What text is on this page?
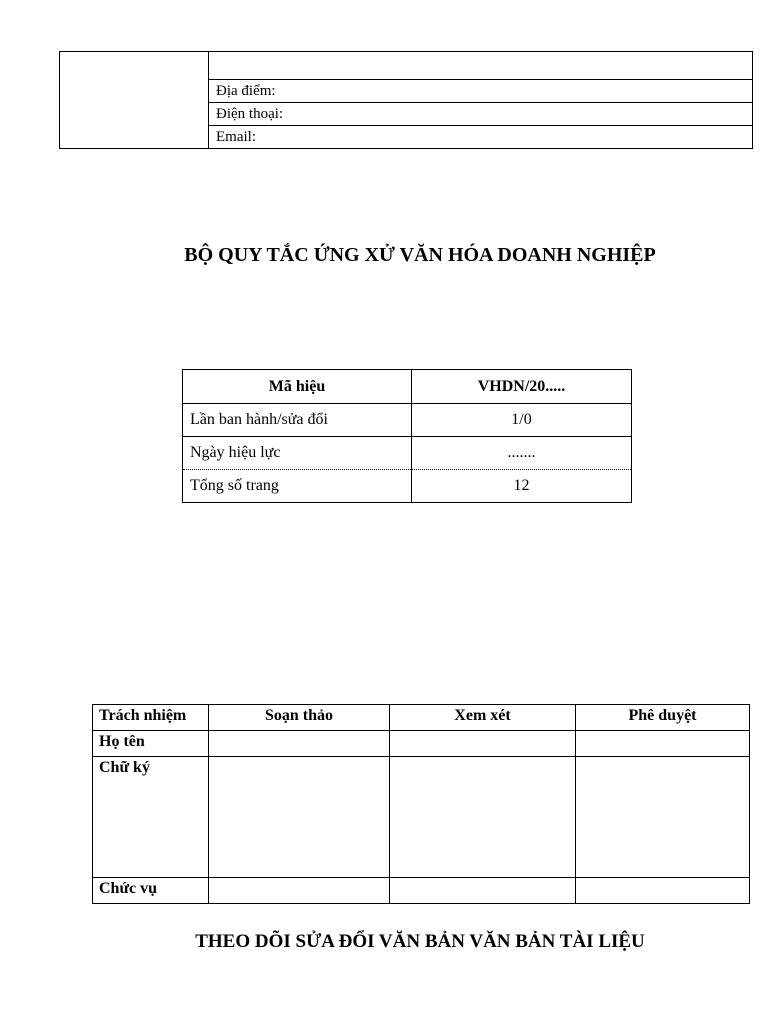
Địa điểm:
Điện thoại:
Email:
BỘ QUY TẮC ỨNG XỬ VĂN HÓA DOANH NGHIỆP
Mã hiệu	VHDN/20.....
Lần ban hành/sửa đổi	1/0
Ngày hiệu lực	.......
Tổng số trang	12
Trách nhiệm	Soạn thảo	Xem xét	Phê duyệt
Họ tên			
Chữ ký			
Chức vụ			
THEO DÕI SỬA ĐỔI VĂN BẢN VĂN BẢN TÀI LIỆU
